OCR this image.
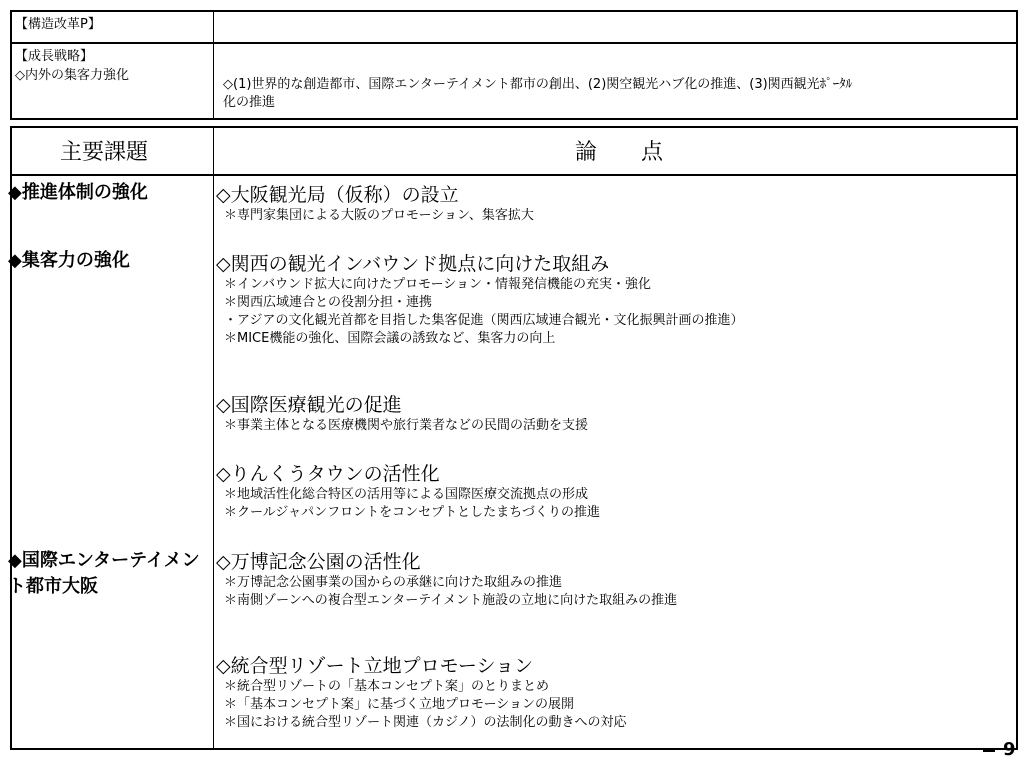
【構造改革P】
【成長戦略】
◇内外の集客力強化
◇(1)世界的な創造都市、国際エンターテイメント都市の創出、(2)関空観光ハブ化の推進、(3)関西観光ﾎﾟｰﾀﾙ
化の推進
主要課題	論　　点
◆推進体制の強化
◆集客力の強化
◆国際エンターテイメント都市大阪
◇大阪観光局（仮称）の設立
＊専門家集団による大阪のプロモーション、集客拡大
◇関西の観光インバウンド拠点に向けた取組み
＊インバウンド拡大に向けたプロモーション・情報発信機能の充実・強化
＊関西広域連合との役割分担・連携
・アジアの文化観光首都を目指した集客促進（関西広域連合観光・文化振興計画の推進）
＊MICE機能の強化、国際会議の誘致など、集客力の向上
◇国際医療観光の促進
＊事業主体となる医療機関や旅行業者などの民間の活動を支援
◇りんくうタウンの活性化
＊地域活性化総合特区の活用等による国際医療交流拠点の形成
＊クールジャパンフロントをコンセプトとしたまちづくりの推進
◇万博記念公園の活性化
＊万博記念公園事業の国からの承継に向けた取組みの推進
＊南側ゾーンへの複合型エンターテイメント施設の立地に向けた取組みの推進
◇統合型リゾート立地プロモーション
＊統合型リゾートの「基本コンセプト案」のとりまとめ
＊「基本コンセプト案」に基づく立地プロモーションの展開
＊国における統合型リゾート関連（カジノ）の法制化の動きへの対応
9
